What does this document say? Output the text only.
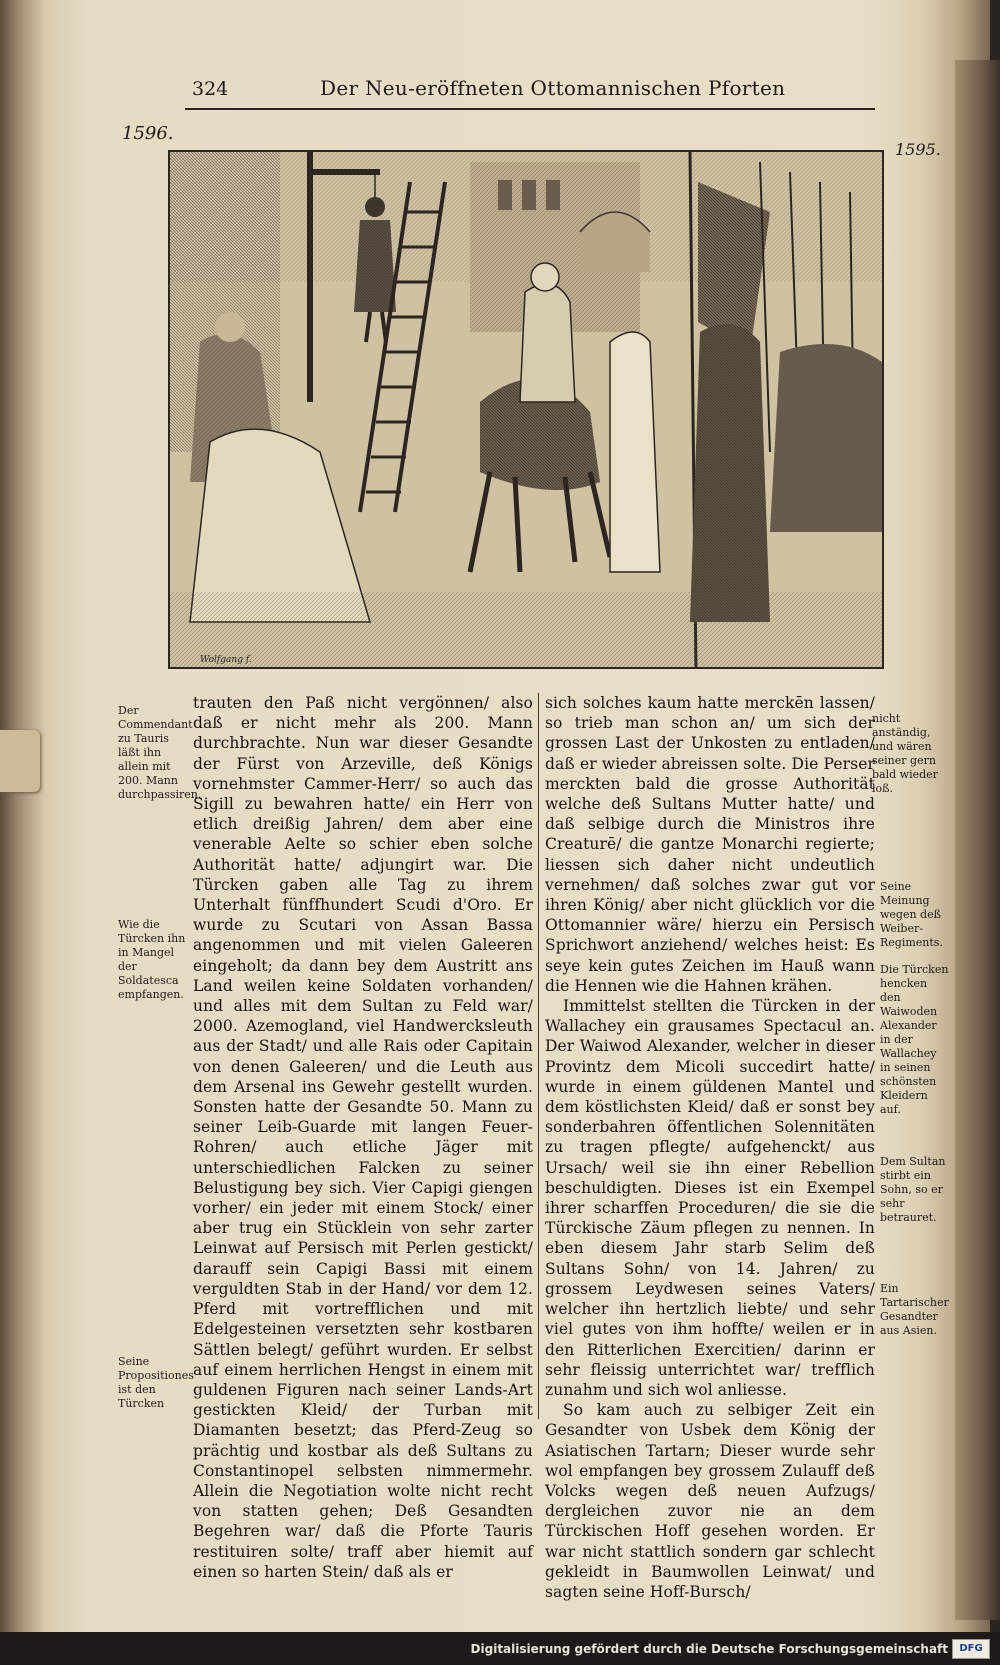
324	Der Neu-eröffneten Ottomannischen Pforten
1596.
1595.
Wolfgang f.
Der Commendant zu Tauris läßt ihn allein mit 200. Mann durchpassiren.
Wie die Türcken ihn in Mangel der Soldatesca empfangen.
Seine Propositiones ist den Türcken
nicht anständig, und wären seiner gern bald wieder loß.
Seine Meinung wegen deß Weiber-Regiments.
Die Türcken hencken den Waiwoden Alexander in der Wallachey in seinen schönsten Kleidern auf.
Dem Sultan stirbt ein Sohn, so er sehr betrauret.
Ein Tartarischer Gesandter aus Asien.

trauten den Paß nicht vergönnen/ also daß er nicht mehr als 200. Mann durchbrachte. Nun war dieser Gesandte der Fürst von Arzeville, deß Königs vornehmster Cammer-Herr/ so auch das Sigill zu bewahren hatte/ ein Herr von etlich dreißig Jahren/ dem aber eine venerable Aelte so schier eben solche Authorität hatte/ adjungirt war. Die Türcken gaben alle Tag zu ihrem Unterhalt fünffhundert Scudi d'Oro. Er wurde zu Scutari von Assan Bassa angenommen und mit vielen Galeeren eingeholt; da dann bey dem Austritt ans Land weilen keine Soldaten vorhanden/ und alles mit dem Sultan zu Feld war/ 2000. Azemogland, viel Handwercksleuth aus der Stadt/ und alle Rais oder Capitain von denen Galeeren/ und die Leuth aus dem Arsenal ins Gewehr gestellt wurden. Sonsten hatte der Gesandte 50. Mann zu seiner Leib-Guarde mit langen Feuer-Rohren/ auch etliche Jäger mit unterschiedlichen Falcken zu seiner Belustigung bey sich. Vier Capigi giengen vorher/ ein jeder mit einem Stock/ einer aber trug ein Stücklein von sehr zarter Leinwat auf Persisch mit Perlen gestickt/ darauff sein Capigi Bassi mit einem verguldten Stab in der Hand/ vor dem 12. Pferd mit vortrefflichen und mit Edelgesteinen versetzten sehr kostbaren Sättlen belegt/ geführt wurden. Er selbst auf einem herrlichen Hengst in einem mit guldenen Figuren nach seiner Lands-Art gestickten Kleid/ der Turban mit Diamanten besetzt; das Pferd-Zeug so prächtig und kostbar als deß Sultans zu Constantinopel selbsten nimmermehr. Allein die Negotiation wolte nicht recht von statten gehen; Deß Gesandten Begehren war/ daß die Pforte Tauris restituiren solte/ traff aber hiemit auf einen so harten Stein/ daß als er

sich solches kaum hatte merckēn lassen/ so trieb man schon an/ um sich der grossen Last der Unkosten zu entladen/ daß er wieder abreissen solte. Die Perser merckten bald die grosse Authorität welche deß Sultans Mutter hatte/ und daß selbige durch die Ministros ihre Creaturē/ die gantze Monarchi regierte; liessen sich daher nicht undeutlich vernehmen/ daß solches zwar gut vor ihren König/ aber nicht glücklich vor die Ottomannier wäre/ hierzu ein Persisch Sprichwort anziehend/ welches heist: Es seye kein gutes Zeichen im Hauß wann die Hennen wie die Hahnen krähen.

Immittelst stellten die Türcken in der Wallachey ein grausames Spectacul an. Der Waiwod Alexander, welcher in dieser Provintz dem Micoli succedirt hatte/ wurde in einem güldenen Mantel und dem köstlichsten Kleid/ daß er sonst bey sonderbahren öffentlichen Solennitäten zu tragen pflegte/ aufgehenckt/ aus Ursach/ weil sie ihn einer Rebellion beschuldigten. Dieses ist ein Exempel ihrer scharffen Proceduren/ die sie die Türckische Zäum pflegen zu nennen. In eben diesem Jahr starb Selim deß Sultans Sohn/ von 14. Jahren/ zu grossem Leydwesen seines Vaters/ welcher ihn hertzlich liebte/ und sehr viel gutes von ihm hoffte/ weilen er in den Ritterlichen Exercitien/ darinn er sehr fleissig unterrichtet war/ trefflich zunahm und sich wol anliesse.

So kam auch zu selbiger Zeit ein Gesandter von Usbek dem König der Asiatischen Tartarn; Dieser wurde sehr wol empfangen bey grossem Zulauff deß Volcks wegen deß neuen Aufzugs/ dergleichen zuvor nie an dem Türckischen Hoff gesehen worden. Er war nicht stattlich sondern gar schlecht gekleidt in Baumwollen Leinwat/ und sagten seine Hoff-Bursch/

Digitalisierung gefördert durch die Deutsche Forschungsgemeinschaft	DFG
